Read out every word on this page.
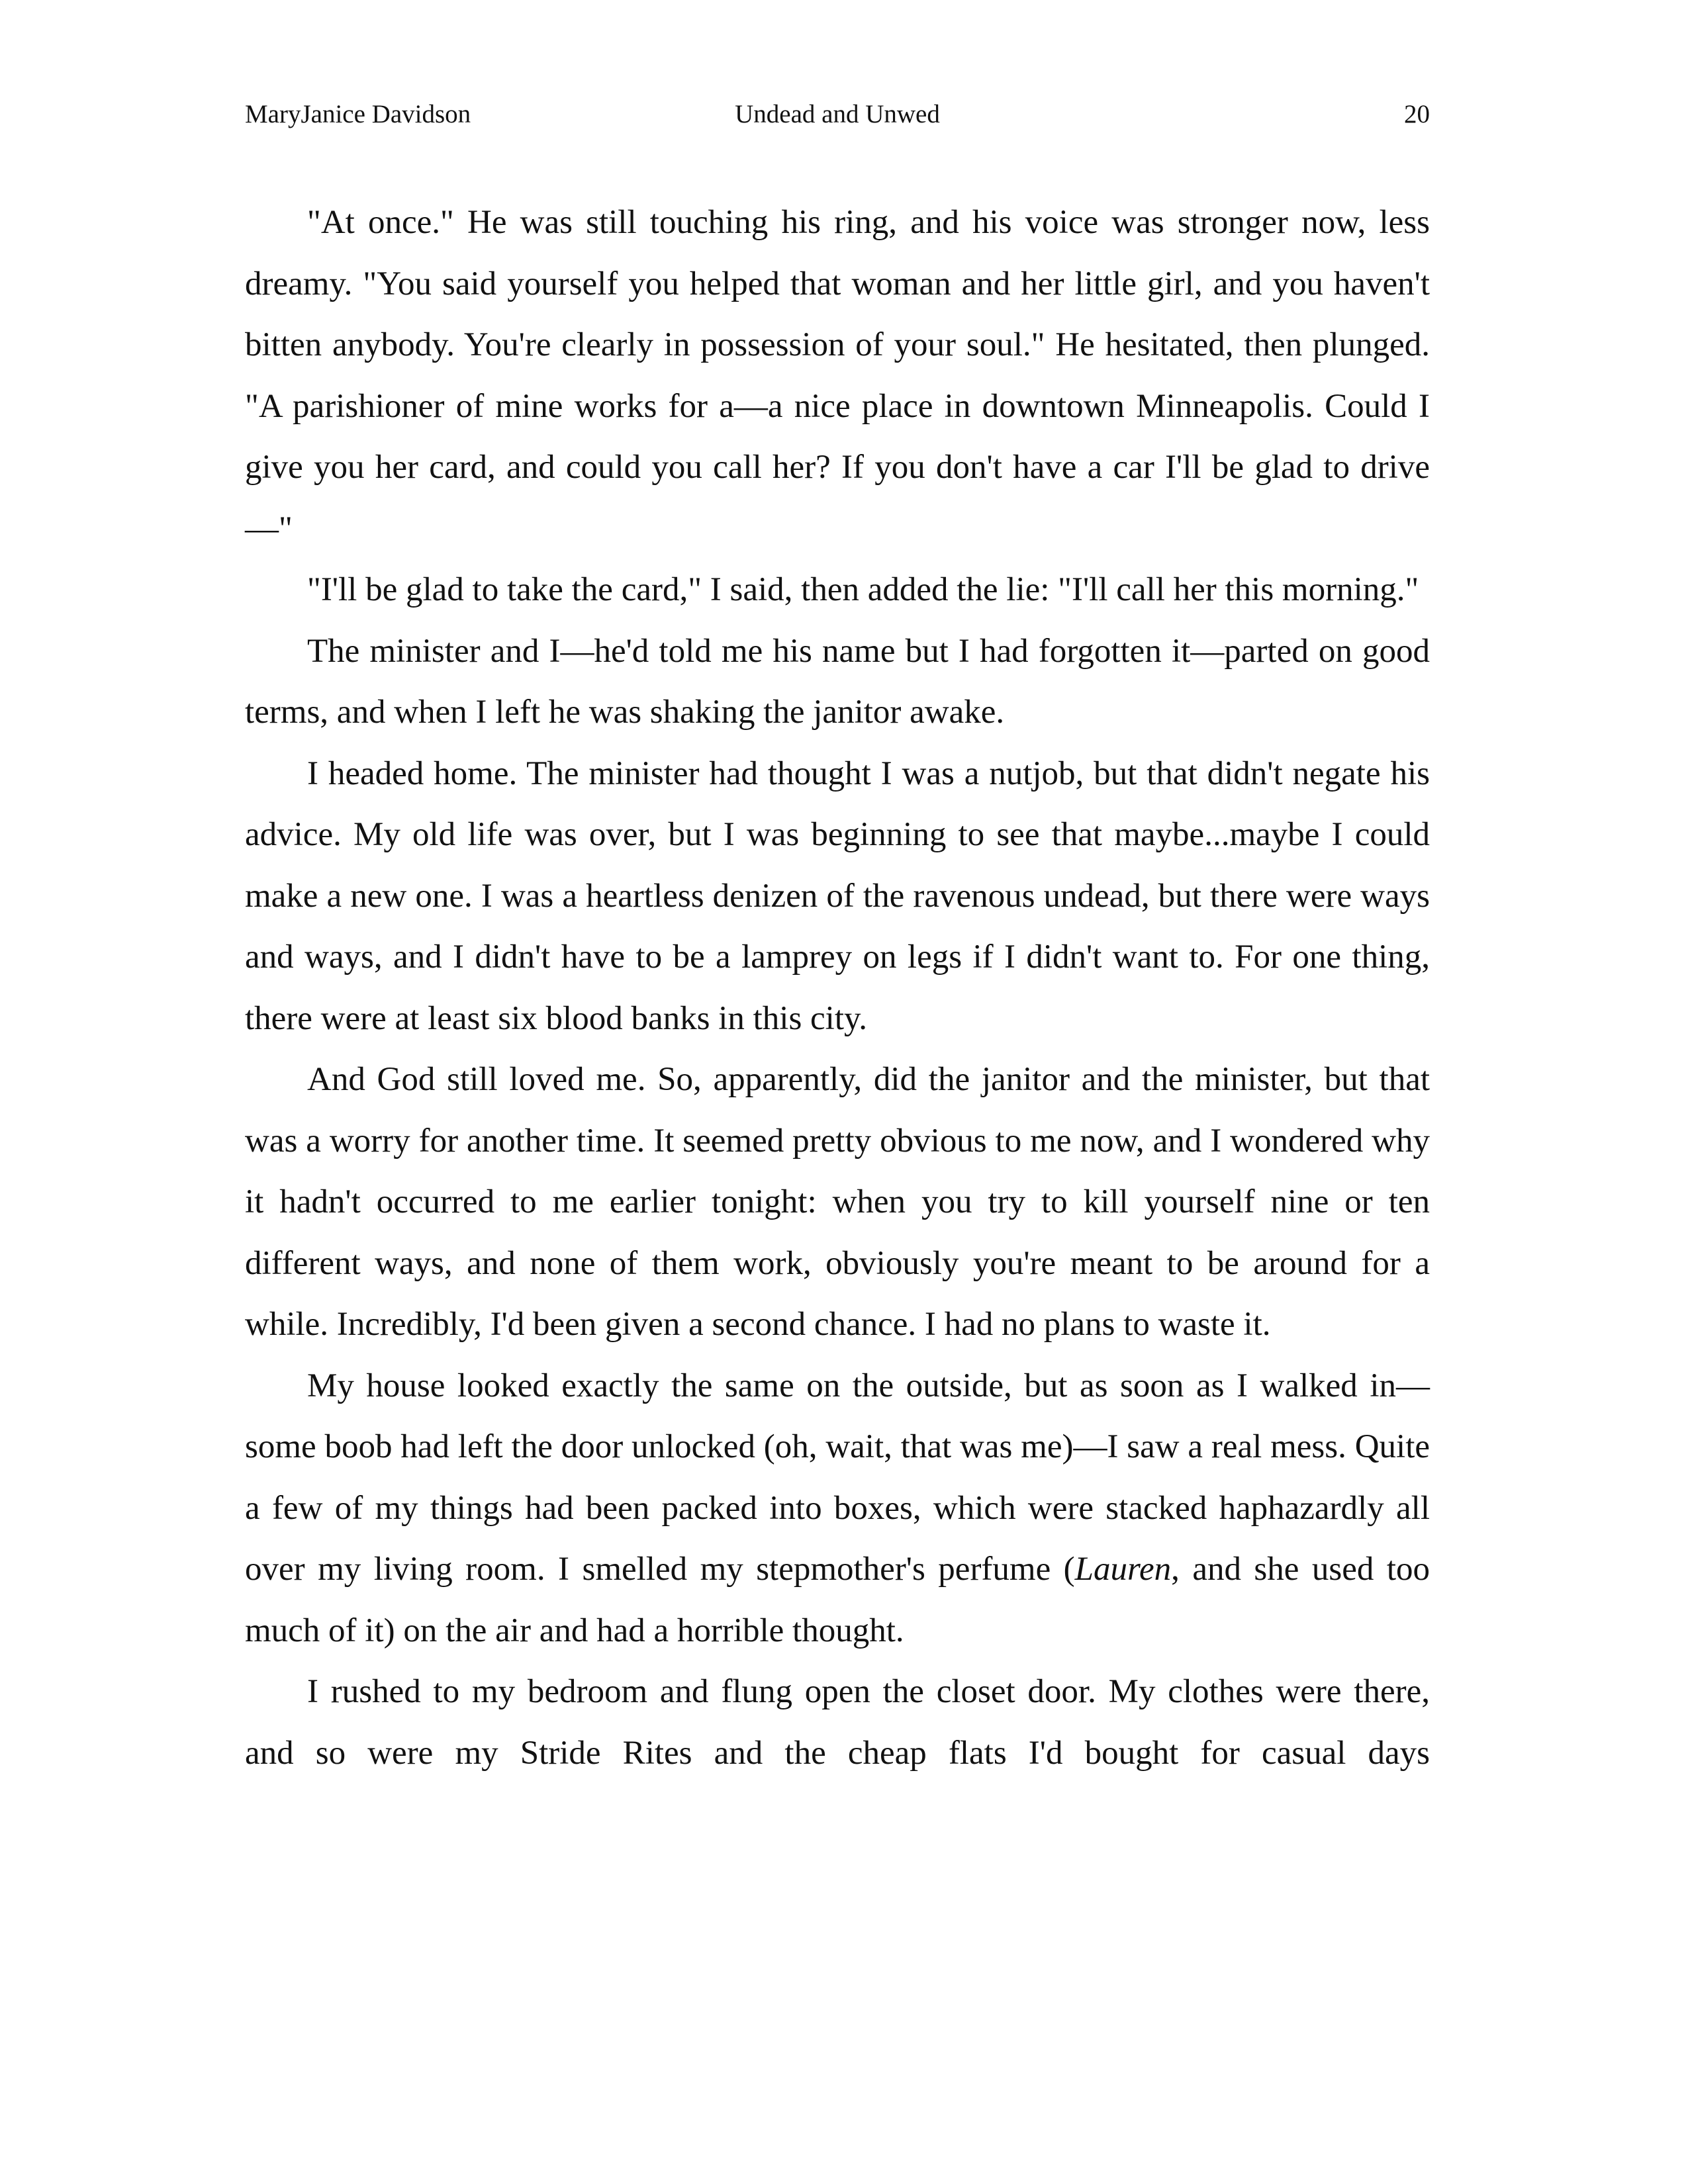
MaryJanice Davidson	Undead and Unwed	20

"At once." He was still touching his ring, and his voice was stronger now, less dreamy. "You said yourself you helped that woman and her little girl, and you haven't bitten anybody. You're clearly in possession of your soul." He hesitated, then plunged. "A parishioner of mine works for a—a nice place in downtown Minneapolis. Could I give you her card, and could you call her? If you don't have a car I'll be glad to drive—"

"I'll be glad to take the card," I said, then added the lie: "I'll call her this morning."

The minister and I—he'd told me his name but I had forgotten it—parted on good terms, and when I left he was shaking the janitor awake.

I headed home. The minister had thought I was a nutjob, but that didn't negate his advice. My old life was over, but I was beginning to see that maybe...maybe I could make a new one. I was a heartless denizen of the ravenous undead, but there were ways and ways, and I didn't have to be a lamprey on legs if I didn't want to. For one thing, there were at least six blood banks in this city.

And God still loved me. So, apparently, did the janitor and the minister, but that was a worry for another time. It seemed pretty obvious to me now, and I wondered why it hadn't occurred to me earlier tonight: when you try to kill yourself nine or ten different ways, and none of them work, obviously you're meant to be around for a while. Incredibly, I'd been given a second chance. I had no plans to waste it.

My house looked exactly the same on the outside, but as soon as I walked in—some boob had left the door unlocked (oh, wait, that was me)—I saw a real mess. Quite a few of my things had been packed into boxes, which were stacked haphazardly all over my living room. I smelled my stepmother's perfume (Lauren, and she used too much of it) on the air and had a horrible thought.

I rushed to my bedroom and flung open the closet door. My clothes were there, and so were my Stride Rites and the cheap flats I'd bought for casual days
